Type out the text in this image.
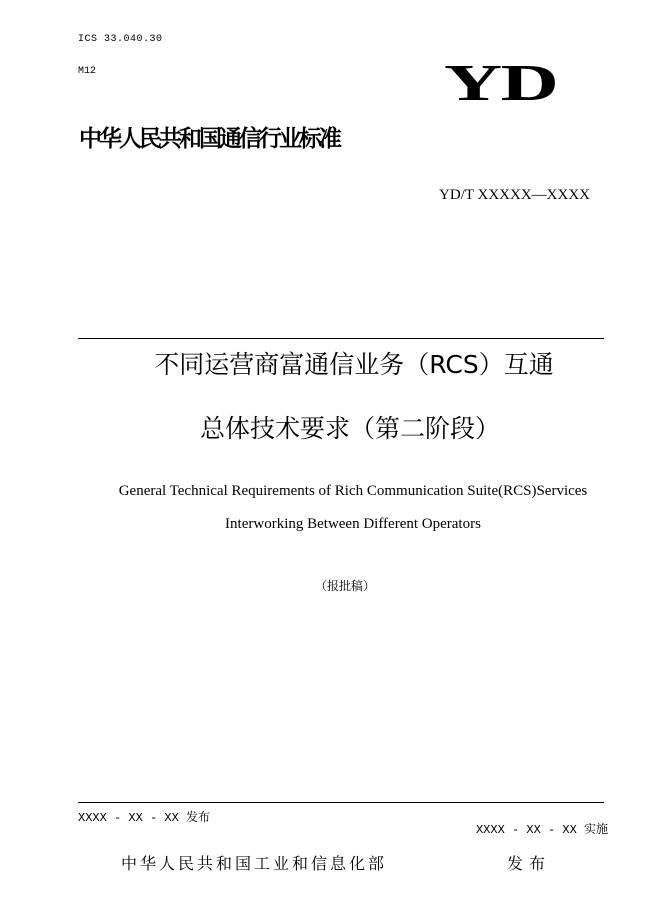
ICS 33.040.30
M12	YD
中华人民共和国通信行业标准
YD/T XXXXX—XXXX
不同运营商富通信业务（RCS）互通
总体技术要求（第二阶段）
General Technical Requirements of Rich Communication Suite(RCS)Services
Interworking Between Different Operators
（报批稿）
XXXX - XX - XX 发布
XXXX - XX - XX 实施
中华人民共和国工业和信息化部	发布
